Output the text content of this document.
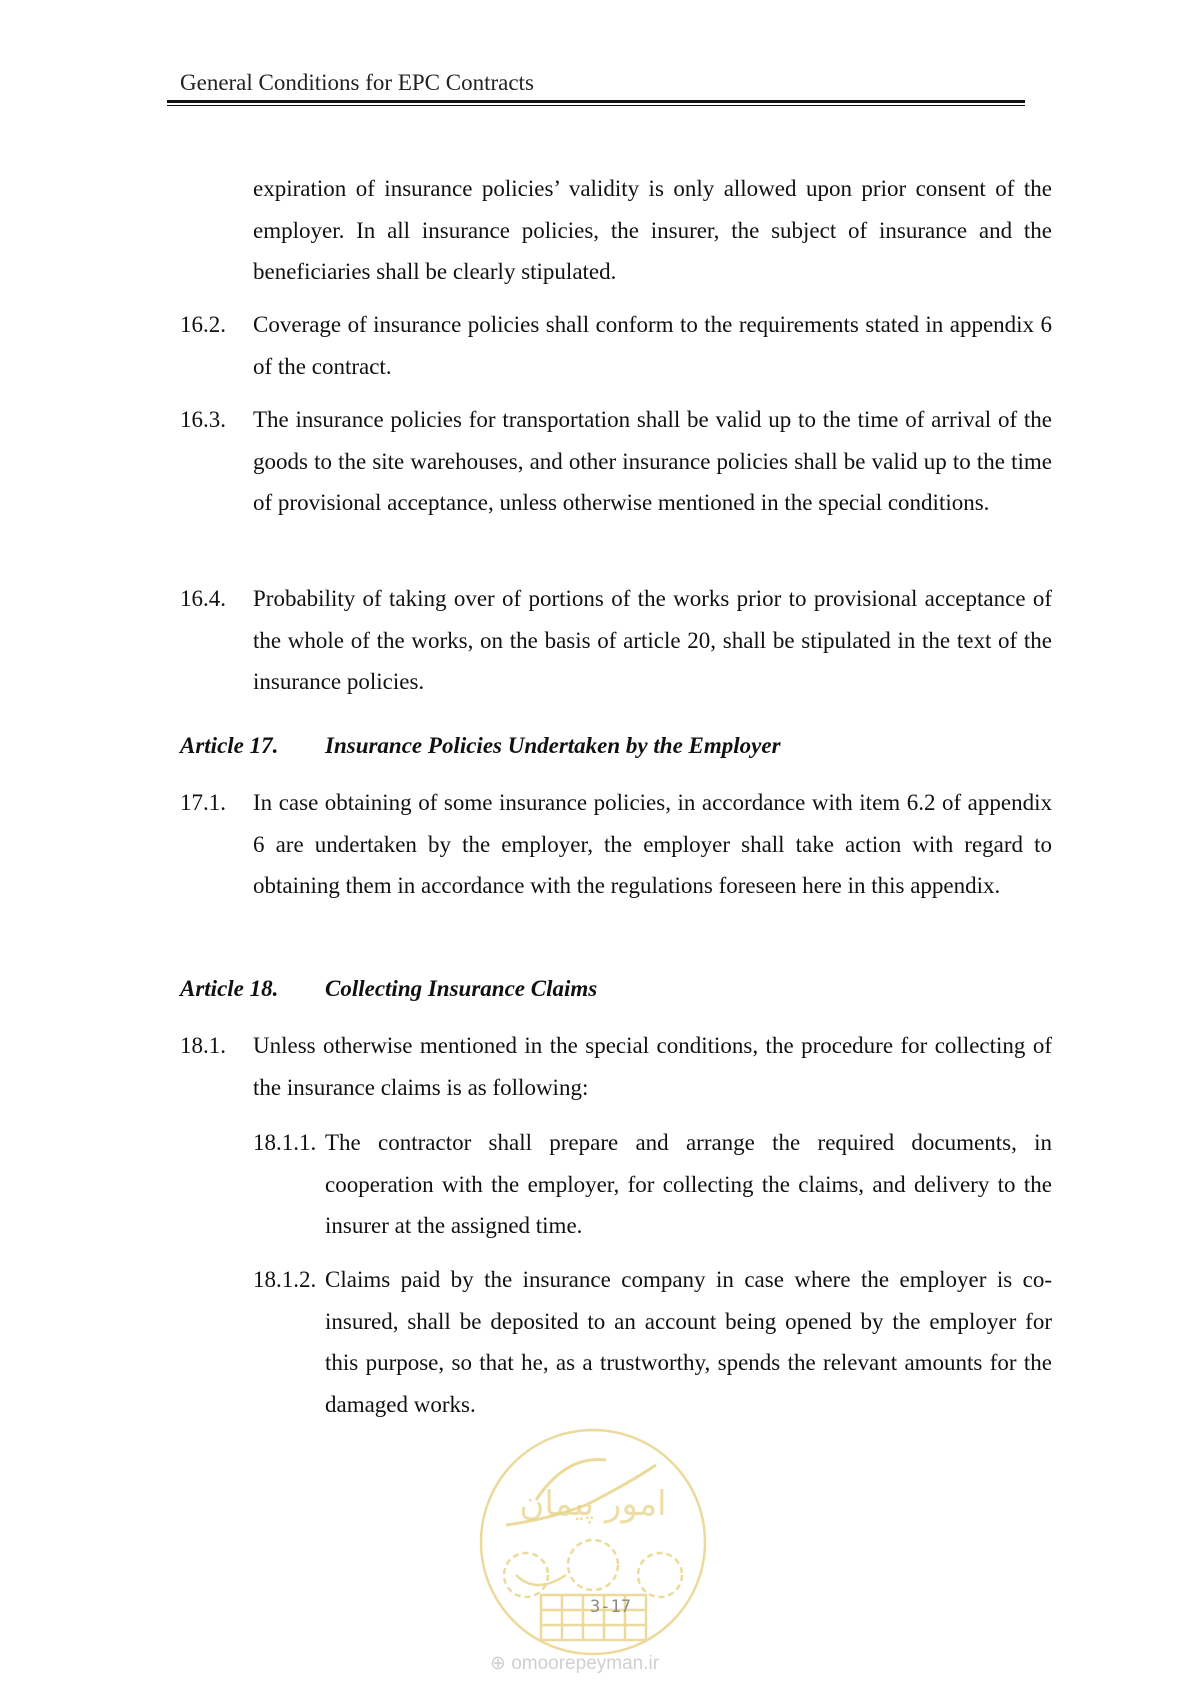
General Conditions for EPC Contracts

expiration of insurance policies’ validity is only allowed upon prior consent of the employer. In all insurance policies, the insurer, the subject of insurance and the beneficiaries shall be clearly stipulated.

16.2. Coverage of insurance policies shall conform to the requirements stated in appendix 6 of the contract.

16.3. The insurance policies for transportation shall be valid up to the time of arrival of the goods to the site warehouses, and other insurance policies shall be valid up to the time of provisional acceptance, unless otherwise mentioned in the special conditions.

16.4. Probability of taking over of portions of the works prior to provisional acceptance of the whole of the works, on the basis of article 20, shall be stipulated in the text of the insurance policies.

Article 17. Insurance Policies Undertaken by the Employer
17.1. In case obtaining of some insurance policies, in accordance with item 6.2 of appendix 6 are undertaken by the employer, the employer shall take action with regard to obtaining them in accordance with the regulations foreseen here in this appendix.

Article 18. Collecting Insurance Claims
18.1. Unless otherwise mentioned in the special conditions, the procedure for collecting of the insurance claims is as following:

18.1.1. The contractor shall prepare and arrange the required documents, in cooperation with the employer, for collecting the claims, and delivery to the insurer at the assigned time.

18.1.2. Claims paid by the insurance company in case where the employer is co-insured, shall be deposited to an account being opened by the employer for this purpose, so that he, as a trustworthy, spends the relevant amounts for the damaged works.

امور پیمان
3-17
⊕ omoorepeyman.ir
